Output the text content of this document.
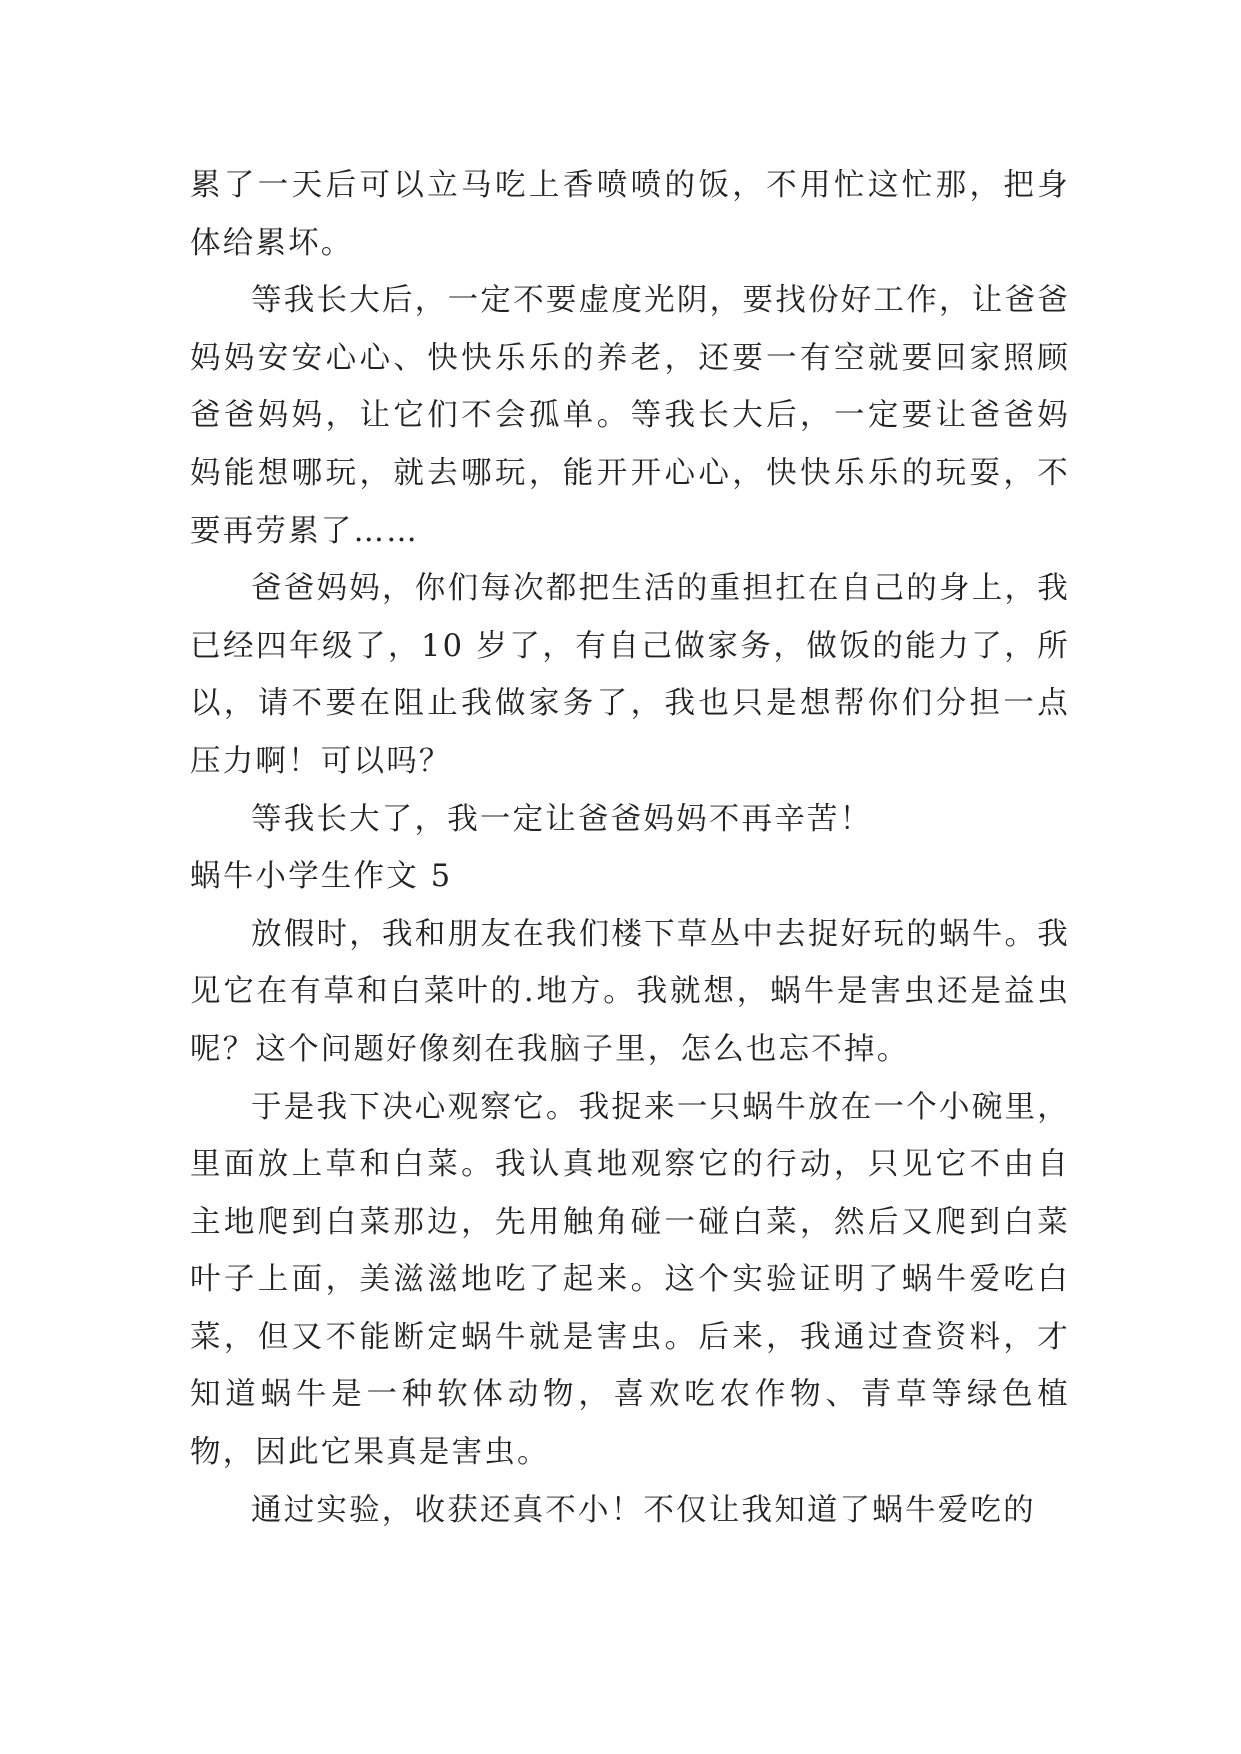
累了一天后可以立马吃上香喷喷的饭，不用忙这忙那，把身体给累坏。

等我长大后，一定不要虚度光阴，要找份好工作，让爸爸妈妈安安心心、快快乐乐的养老，还要一有空就要回家照顾爸爸妈妈，让它们不会孤单。等我长大后，一定要让爸爸妈妈能想哪玩，就去哪玩，能开开心心，快快乐乐的玩耍，不要再劳累了……

爸爸妈妈，你们每次都把生活的重担扛在自己的身上，我已经四年级了，10 岁了，有自己做家务，做饭的能力了，所以，请不要在阻止我做家务了，我也只是想帮你们分担一点压力啊！可以吗？

等我长大了，我一定让爸爸妈妈不再辛苦！

蜗牛小学生作文 5

放假时，我和朋友在我们楼下草丛中去捉好玩的蜗牛。我见它在有草和白菜叶的.地方。我就想，蜗牛是害虫还是益虫呢？这个问题好像刻在我脑子里，怎么也忘不掉。

于是我下决心观察它。我捉来一只蜗牛放在一个小碗里，里面放上草和白菜。我认真地观察它的行动，只见它不由自主地爬到白菜那边，先用触角碰一碰白菜，然后又爬到白菜叶子上面，美滋滋地吃了起来。这个实验证明了蜗牛爱吃白菜，但又不能断定蜗牛就是害虫。后来，我通过查资料，才知道蜗牛是一种软体动物，喜欢吃农作物、青草等绿色植物，因此它果真是害虫。

通过实验，收获还真不小！不仅让我知道了蜗牛爱吃的
